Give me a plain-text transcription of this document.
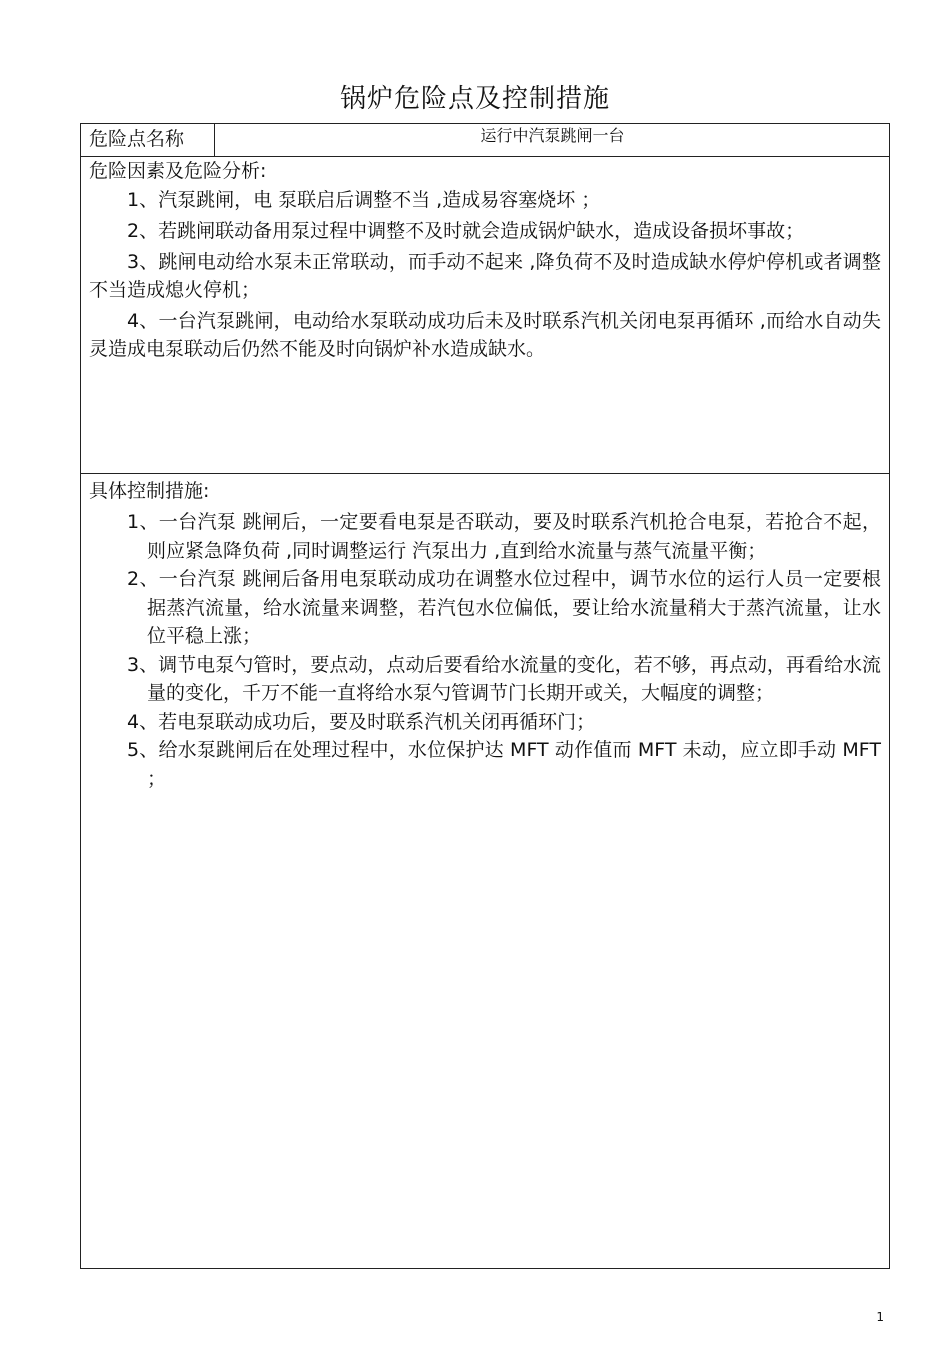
锅炉危险点及控制措施
危险点名称	运行中汽泵跳闸一台
危险因素及危险分析:

1、汽泵跳闸，电 泵联启后调整不当 ,造成易容塞烧坏 ；

2、若跳闸联动备用泵过程中调整不及时就会造成锅炉缺水，造成设备损坏事故；

3、跳闸电动给水泵未正常联动，而手动不起来 ,降负荷不及时造成缺水停炉停机或者调整不当造成熄火停机；

4、一台汽泵跳闸，电动给水泵联动成功后未及时联系汽机关闭电泵再循环 ,而给水自动失灵造成电泵联动后仍然不能及时向锅炉补水造成缺水。

具体控制措施:

1、一台汽泵 跳闸后，一定要看电泵是否联动，要及时联系汽机抢合电泵，若抢合不起，则应紧急降负荷 ,同时调整运行 汽泵出力 ,直到给水流量与蒸气流量平衡；

2、一台汽泵 跳闸后备用电泵联动成功在调整水位过程中，调节水位的运行人员一定要根据蒸汽流量，给水流量来调整，若汽包水位偏低，要让给水流量稍大于蒸汽流量，让水位平稳上涨；

3、调节电泵勺管时，要点动，点动后要看给水流量的变化，若不够，再点动，再看给水流量的变化，千万不能一直将给水泵勺管调节门长期开或关，大幅度的调整；

4、若电泵联动成功后，要及时联系汽机关闭再循环门；

5、给水泵跳闸后在处理过程中，水位保护达 MFT 动作值而 MFT 未动，应立即手动 MFT ；

1
